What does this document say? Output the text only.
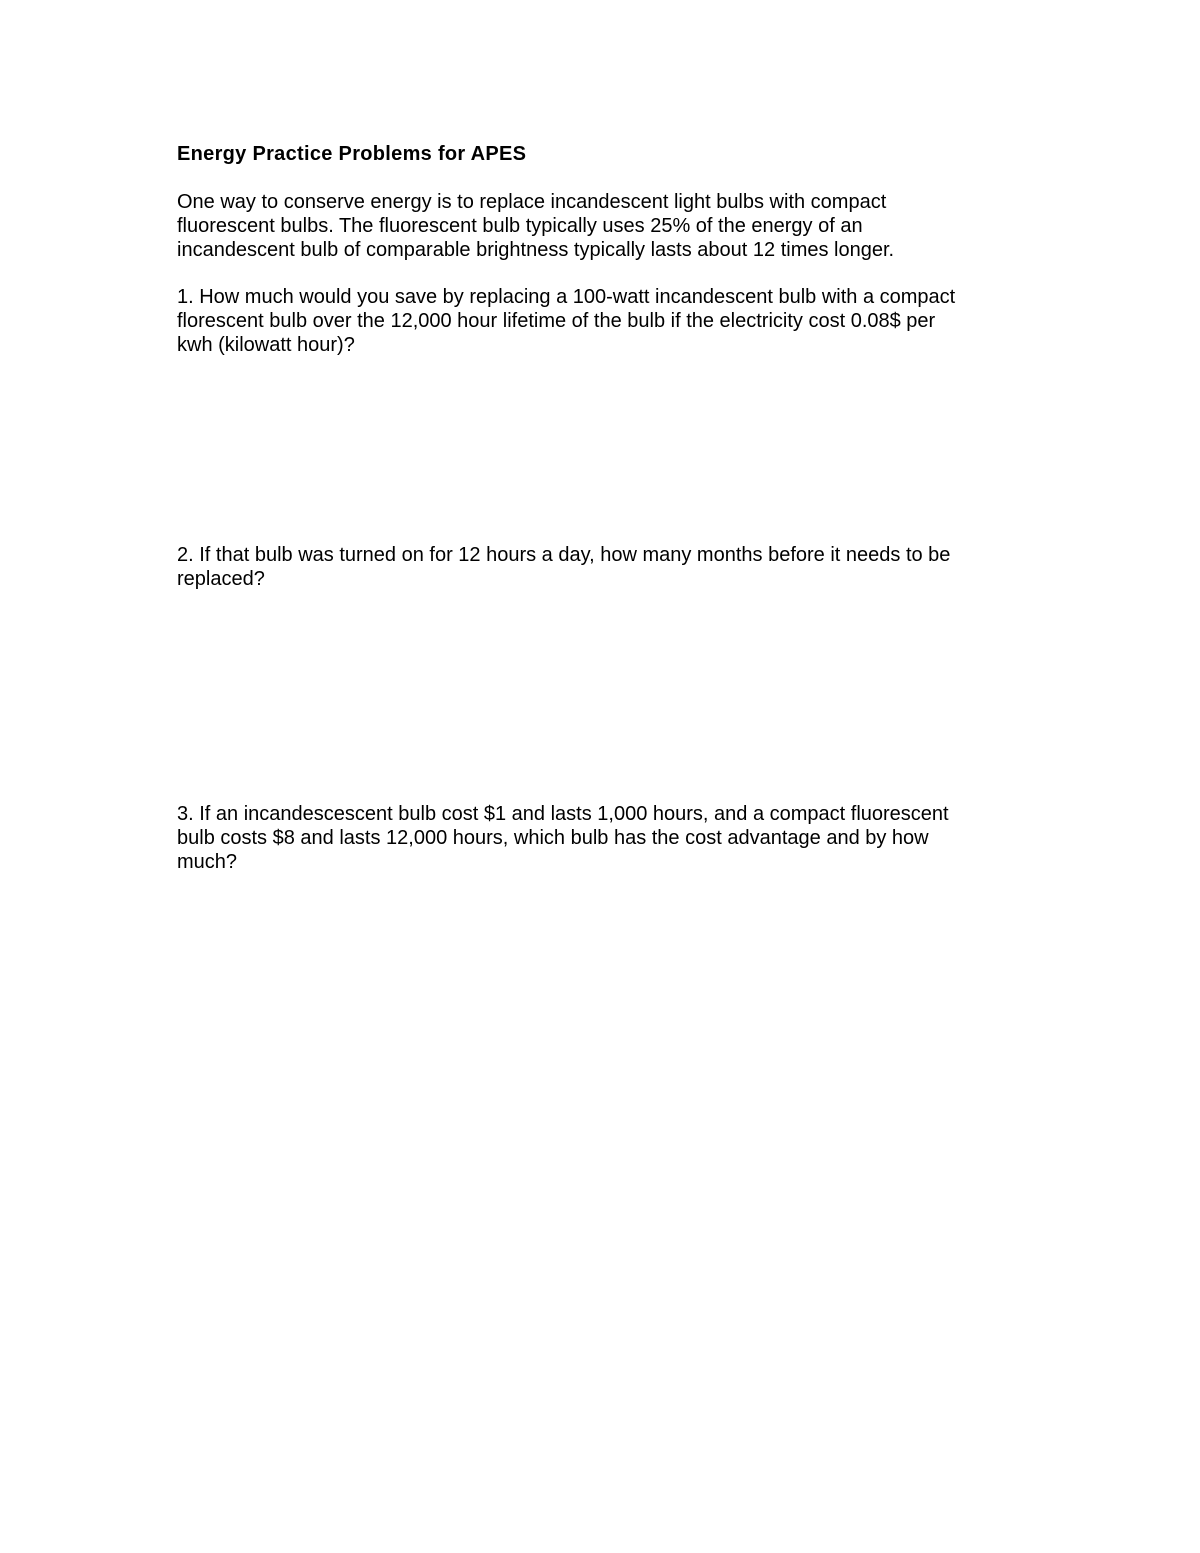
Energy Practice Problems for APES

One way to conserve energy is to replace incandescent light bulbs with compact

fluorescent bulbs. The fluorescent bulb typically uses 25% of the energy of an

incandescent bulb of comparable brightness typically lasts about 12 times longer.

1. How much would you save by replacing a 100-watt incandescent bulb with a compact

florescent bulb over the 12,000 hour lifetime of the bulb if the electricity cost 0.08$ per

kwh (kilowatt hour)?

2. If that bulb was turned on for 12 hours a day, how many months before it needs to be

replaced?

3. If an incandescescent bulb cost $1 and lasts 1,000 hours, and a compact fluorescent

bulb costs $8 and lasts 12,000 hours, which bulb has the cost advantage and by how

much?
